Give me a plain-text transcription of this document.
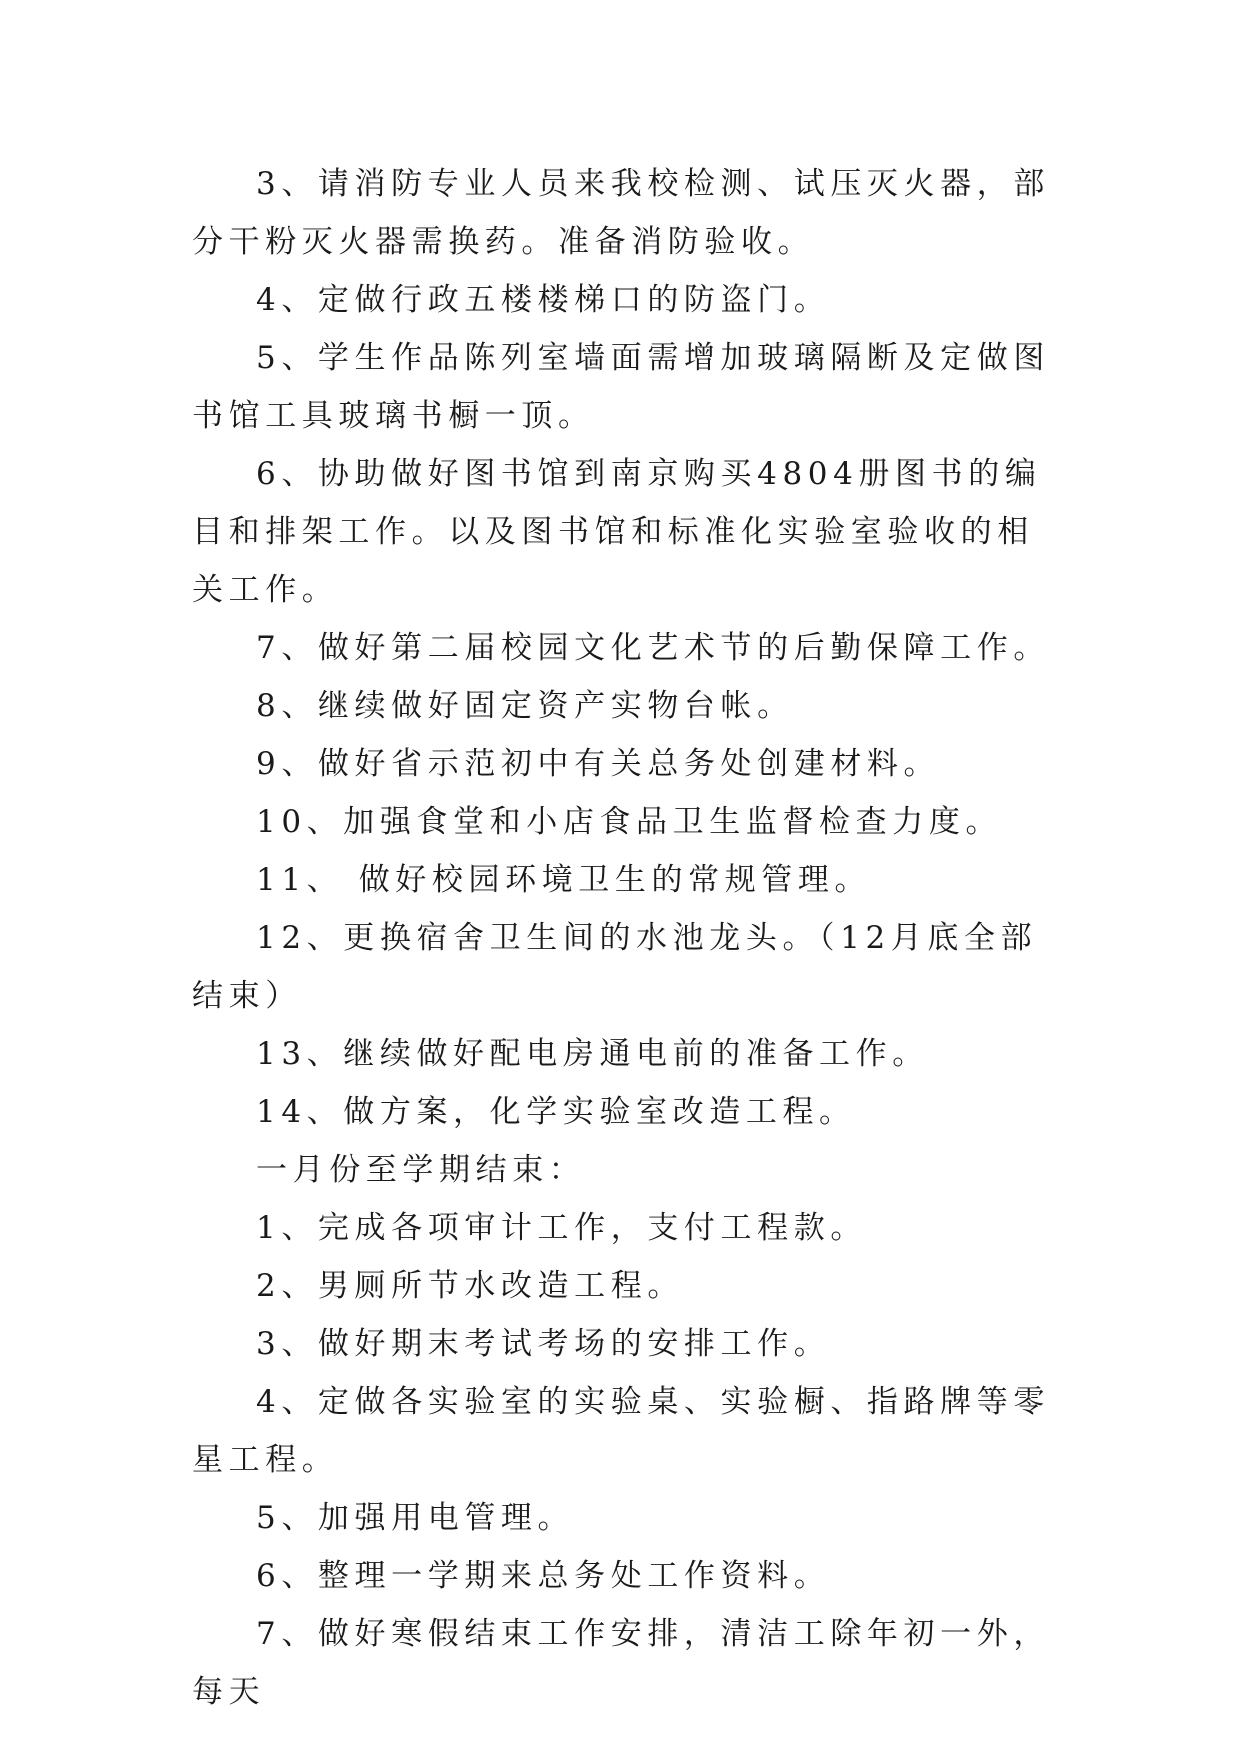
3、请消防专业人员来我校检测、试压灭火器，部分干粉灭火器需换药。准备消防验收。

4、定做行政五楼楼梯口的防盗门。

5、学生作品陈列室墙面需增加玻璃隔断及定做图书馆工具玻璃书橱一顶。

6、协助做好图书馆到南京购买4804册图书的编目和排架工作。以及图书馆和标准化实验室验收的相关工作。

7、做好第二届校园文化艺术节的后勤保障工作。

8、继续做好固定资产实物台帐。

9、做好省示范初中有关总务处创建材料。

10、加强食堂和小店食品卫生监督检查力度。

11、 做好校园环境卫生的常规管理。

12、更换宿舍卫生间的水池龙头。（12月底全部结束）

13、继续做好配电房通电前的准备工作。

14、做方案，化学实验室改造工程。

一月份至学期结束：

1、完成各项审计工作，支付工程款。

2、男厕所节水改造工程。

3、做好期末考试考场的安排工作。

4、定做各实验室的实验桌、实验橱、指路牌等零星工程。

5、加强用电管理。

6、整理一学期来总务处工作资料。

7、做好寒假结束工作安排，清洁工除年初一外，每天
